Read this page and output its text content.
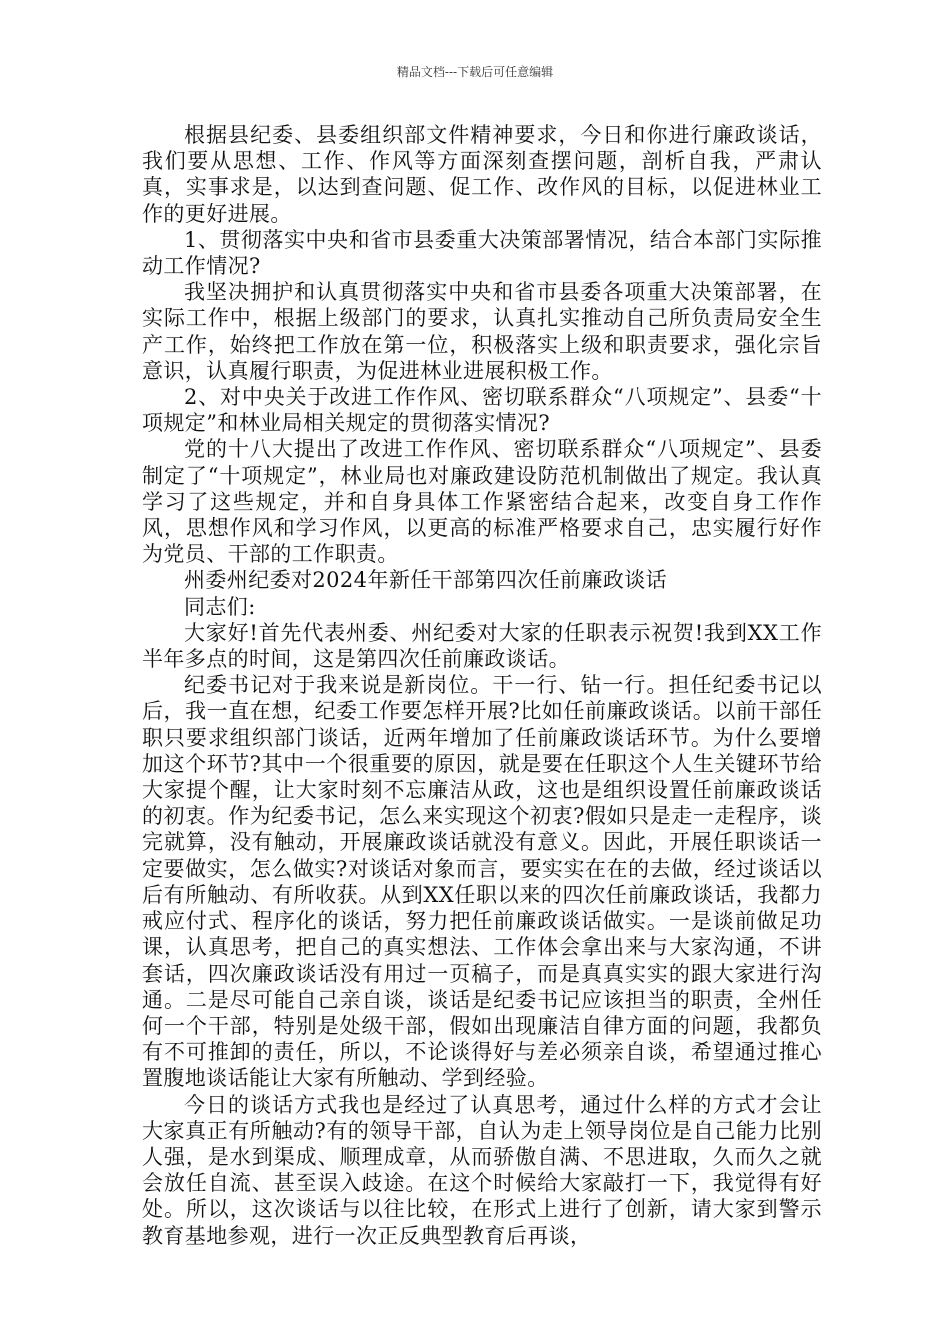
精品文档---下载后可任意编辑

根据县纪委、县委组织部文件精神要求，今日和你进行廉政谈话，我们要从思想、工作、作风等方面深刻查摆问题，剖析自我，严肃认真，实事求是，以达到查问题、促工作、改作风的目标，以促进林业工作的更好进展。

1、贯彻落实中央和省市县委重大决策部署情况，结合本部门实际推动工作情况?

我坚决拥护和认真贯彻落实中央和省市县委各项重大决策部署，在实际工作中，根据上级部门的要求，认真扎实推动自己所负责局安全生产工作，始终把工作放在第一位，积极落实上级和职责要求，强化宗旨意识，认真履行职责，为促进林业进展积极工作。

2、对中央关于改进工作作风、密切联系群众“八项规定”、县委“十项规定”和林业局相关规定的贯彻落实情况?

党的十八大提出了改进工作作风、密切联系群众“八项规定”、县委制定了“十项规定”，林业局也对廉政建设防范机制做出了规定。我认真学习了这些规定，并和自身具体工作紧密结合起来，改变自身工作作风，思想作风和学习作风，以更高的标准严格要求自己，忠实履行好作为党员、干部的工作职责。

州委州纪委对2024年新任干部第四次任前廉政谈话

同志们:

大家好!首先代表州委、州纪委对大家的任职表示祝贺!我到XX工作半年多点的时间，这是第四次任前廉政谈话。

纪委书记对于我来说是新岗位。干一行、钻一行。担任纪委书记以后，我一直在想，纪委工作要怎样开展?比如任前廉政谈话。以前干部任职只要求组织部门谈话，近两年增加了任前廉政谈话环节。为什么要增加这个环节?其中一个很重要的原因，就是要在任职这个人生关键环节给大家提个醒，让大家时刻不忘廉洁从政，这也是组织设置任前廉政谈话的初衷。作为纪委书记，怎么来实现这个初衷?假如只是走一走程序，谈完就算，没有触动，开展廉政谈话就没有意义。因此，开展任职谈话一定要做实，怎么做实?对谈话对象而言，要实实在在的去做，经过谈话以后有所触动、有所收获。从到XX任职以来的四次任前廉政谈话，我都力戒应付式、程序化的谈话，努力把任前廉政谈话做实。一是谈前做足功课，认真思考，把自己的真实想法、工作体会拿出来与大家沟通，不讲套话，四次廉政谈话没有用过一页稿子，而是真真实实的跟大家进行沟通。二是尽可能自己亲自谈，谈话是纪委书记应该担当的职责，全州任何一个干部，特别是处级干部，假如出现廉洁自律方面的问题，我都负有不可推卸的责任，所以，不论谈得好与差必须亲自谈，希望通过推心置腹地谈话能让大家有所触动、学到经验。

今日的谈话方式我也是经过了认真思考，通过什么样的方式才会让大家真正有所触动?有的领导干部，自认为走上领导岗位是自己能力比别人强，是水到渠成、顺理成章，从而骄傲自满、不思进取，久而久之就会放任自流、甚至误入歧途。在这个时候给大家敲打一下，我觉得有好处。所以，这次谈话与以往比较，在形式上进行了创新，请大家到警示教育基地参观，进行一次正反典型教育后再谈，
